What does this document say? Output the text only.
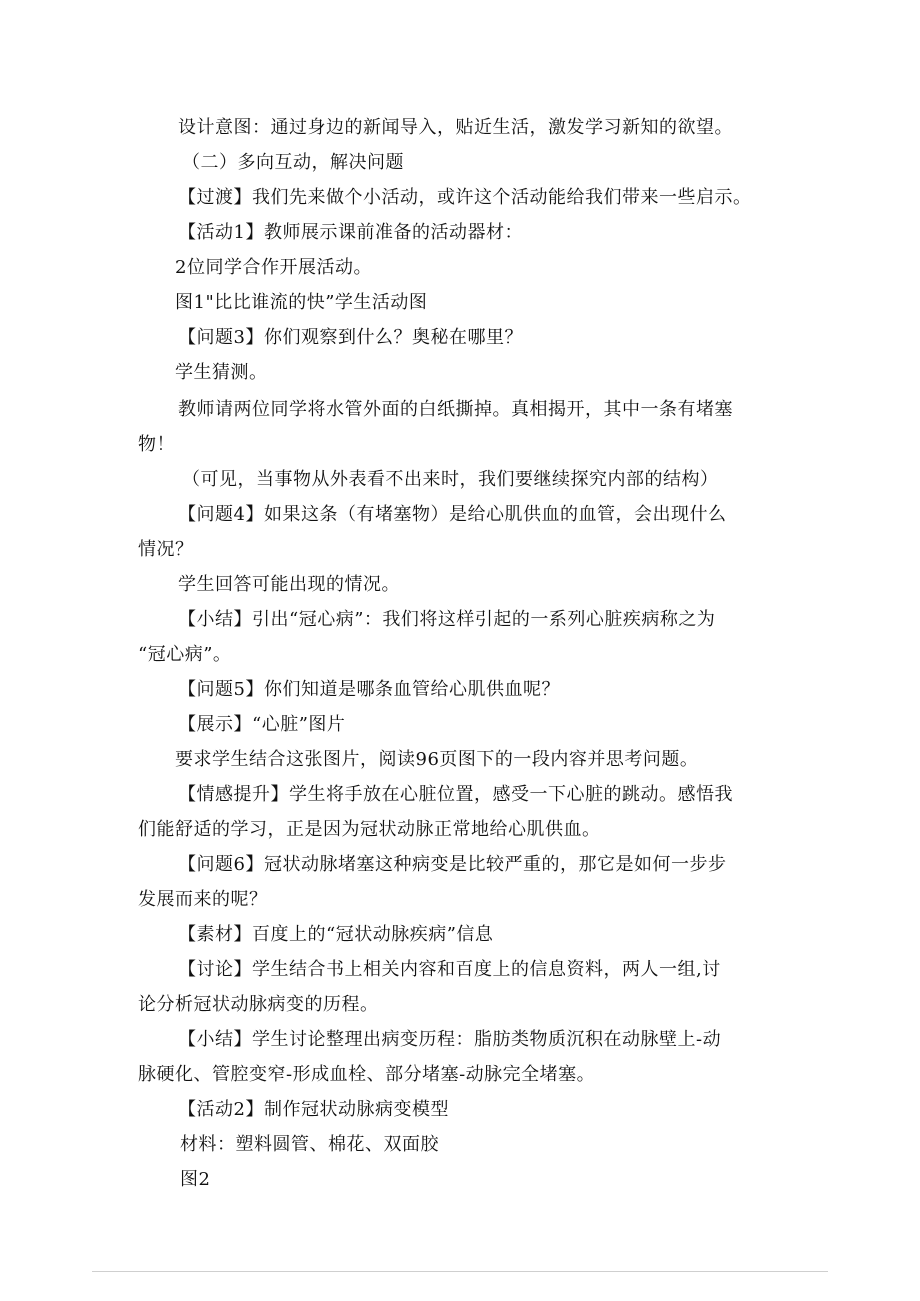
设计意图：通过身边的新闻导入，贴近生活，激发学习新知的欲望。
（二）多向互动，解决问题
【过渡】我们先来做个小活动，或许这个活动能给我们带来一些启示。
【活动1】教师展示课前准备的活动器材：
2位同学合作开展活动。
图1"比比谁流的快”学生活动图
【问题3】你们观察到什么？奥秘在哪里？
学生猜测。
教师请两位同学将水管外面的白纸撕掉。真相揭开，其中一条有堵塞
物！
（可见，当事物从外表看不出来时，我们要继续探究内部的结构）
【问题4】如果这条（有堵塞物）是给心肌供血的血管，会出现什么
情况？
学生回答可能出现的情况。
【小结】引出“冠心病”：我们将这样引起的一系列心脏疾病称之为
“冠心病”。
【问题5】你们知道是哪条血管给心肌供血呢？
【展示】“心脏”图片
要求学生结合这张图片，阅读96页图下的一段内容并思考问题。
【情感提升】学生将手放在心脏位置，感受一下心脏的跳动。感悟我
们能舒适的学习，正是因为冠状动脉正常地给心肌供血。
【问题6】冠状动脉堵塞这种病变是比较严重的，那它是如何一步步
发展而来的呢？
【素材】百度上的“冠状动脉疾病”信息
【讨论】学生结合书上相关内容和百度上的信息资料，两人一组,讨
论分析冠状动脉病变的历程。
【小结】学生讨论整理出病变历程：脂肪类物质沉积在动脉壁上-动
脉硬化、管腔变窄-形成血栓、部分堵塞-动脉完全堵塞。
【活动2】制作冠状动脉病变模型
材料：塑料圆管、棉花、双面胶
图2
